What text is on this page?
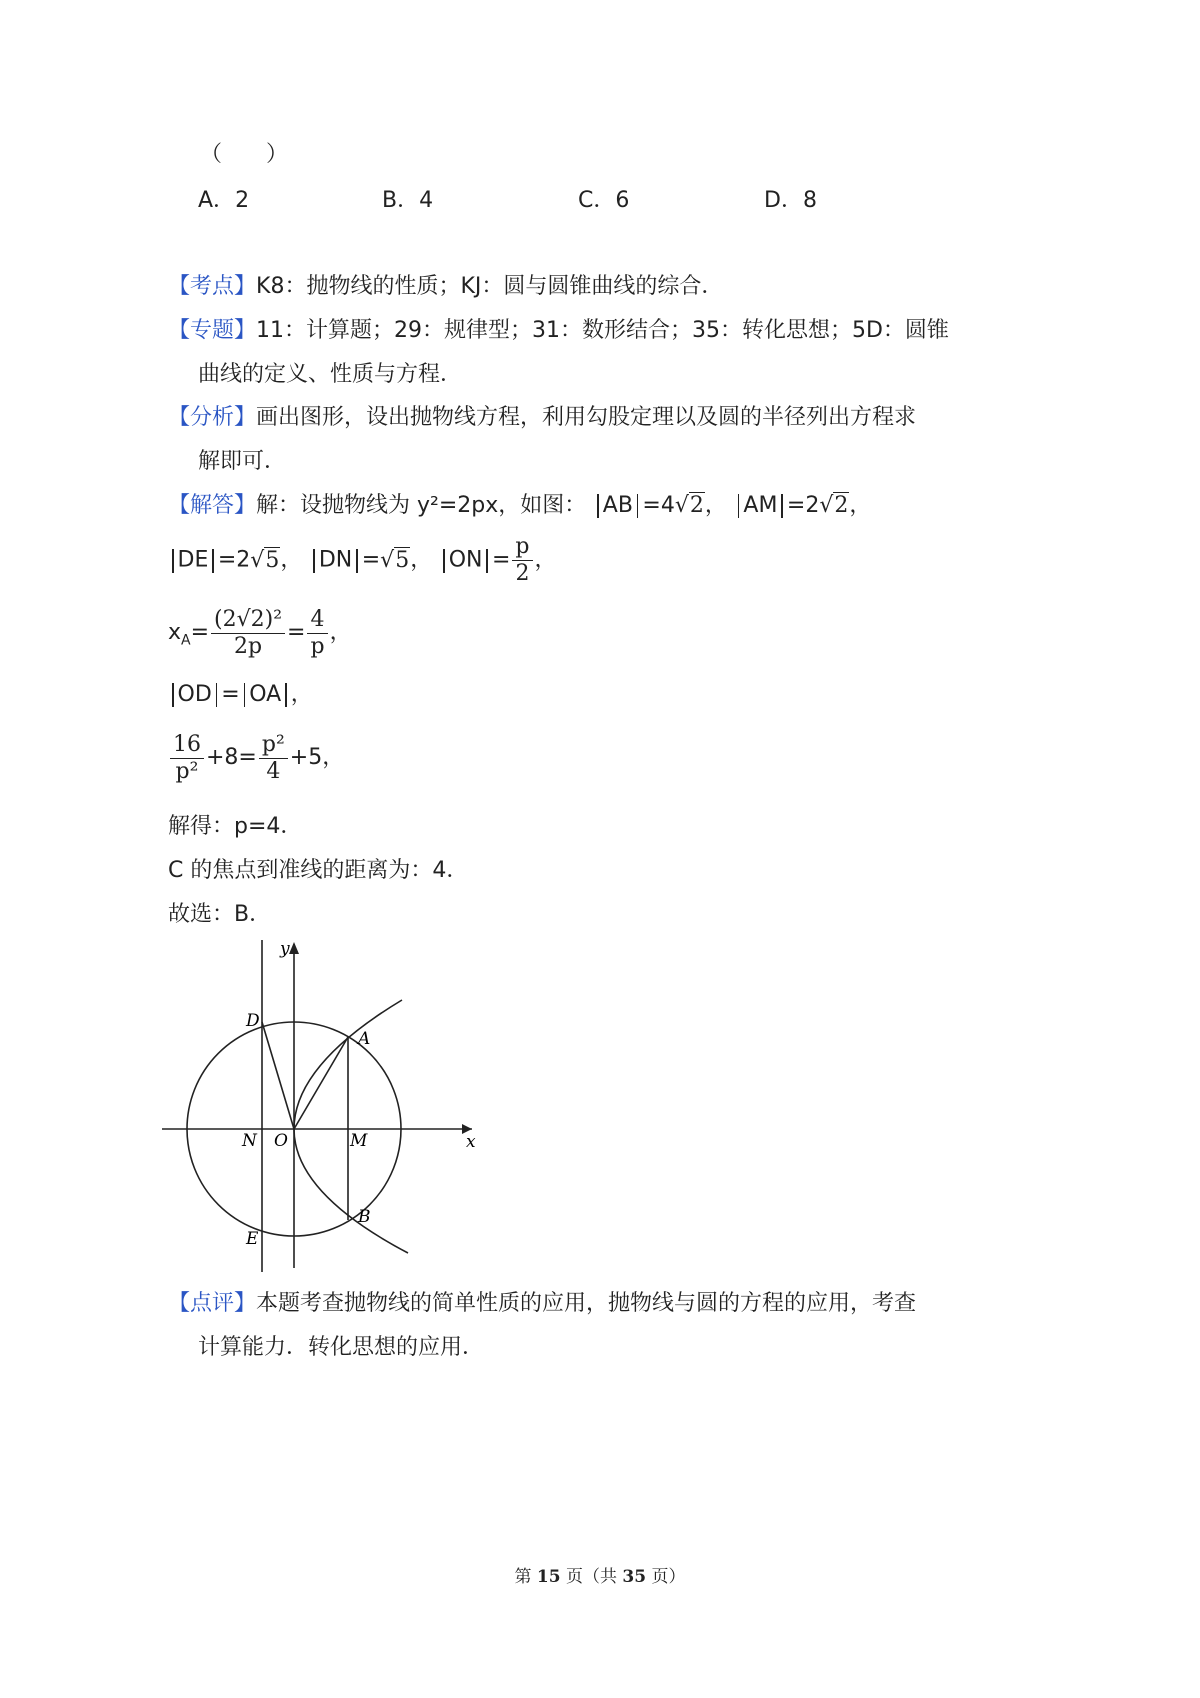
（　　）
A．2	B．4	C．6	D．8
【考点】K8：抛物线的性质；KJ：圆与圆锥曲线的综合．
【专题】11：计算题；29：规律型；31：数形结合；35：转化思想；5D：圆锥
曲线的定义、性质与方程．
【分析】画出图形，设出抛物线方程，利用勾股定理以及圆的半径列出方程求
解即可．
【解答】解：设抛物线为 y²=2px，如图： AB =4√2， AM =2√2，
DE =2√5， DN =√5， ON = $\frac{p}{2}$ ，
$x_A= \frac{\text{(2√2)²}}{2p} = \frac{4}{p}$ ，
OD = OA ，
$\frac{16}{\text{p²}} +8= \frac{\text{p²}}{4} +5$，
解得：p=4．
C 的焦点到准线的距离为：4．
故选：B．
y
x
D
A
N O	M
B
E
【点评】本题考查抛物线的简单性质的应用，抛物线与圆的方程的应用，考查
计算能力．转化思想的应用．
第 15 页（共 35 页）
